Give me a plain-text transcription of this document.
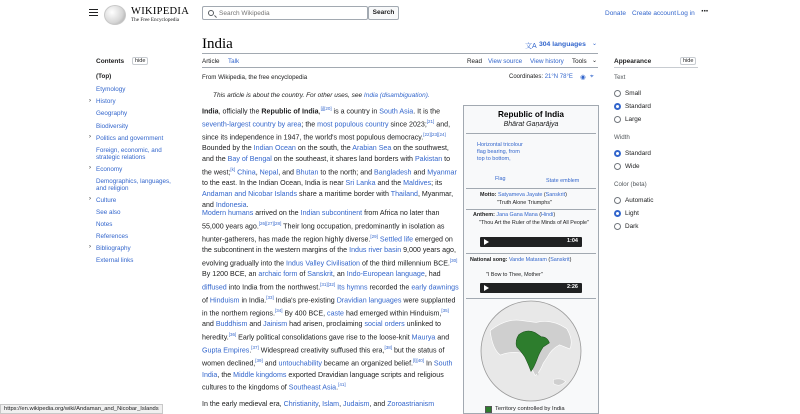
WIKIPEDIA
The Free Encyclopedia
Search Wikipedia
Search	Donate Create account Log in ···
Contents	hide
(Top)
Etymology
› History
Geography
Biodiversity
› Politics and government
Foreign, economic, and
strategic relations
› Economy
Demographics, languages,
and religion
› Culture
See also
Notes
References
› Bibliography
External links
India	文A 304 languages ⌄
Article Talk	Read View source View history Tools ⌄
From Wikipedia, the free encyclopedia	Coordinates: 21°N 78°E ◉ ⌖
This article is about the country. For other uses, see India (disambiguation).
India, officially the Republic of India,[j][20] is a country in South Asia. It is the seventh-largest country by area; the most populous country since 2023;[21] and, since its independence in 1947, the world's most populous democracy.[22][23][24] Bounded by the Indian Ocean on the south, the Arabian Sea on the southwest, and the Bay of Bengal on the southeast, it shares land borders with Pakistan to the west;[k] China, Nepal, and Bhutan to the north; and Bangladesh and Myanmar to the east. In the Indian Ocean, India is near Sri Lanka and the Maldives; its Andaman and Nicobar Islands share a maritime border with Thailand, Myanmar, and Indonesia.
Modern humans arrived on the Indian subcontinent from Africa no later than 55,000 years ago.[26][27][28] Their long occupation, predominantly in isolation as hunter-gatherers, has made the region highly diverse.[29] Settled life emerged on the subcontinent in the western margins of the Indus river basin 9,000 years ago, evolving gradually into the Indus Valley Civilisation of the third millennium BCE.[30] By 1200 BCE, an archaic form of Sanskrit, an Indo-European language, had diffused into India from the northwest.[31][32] Its hymns recorded the early dawnings of Hinduism in India.[33] India's pre-existing Dravidian languages were supplanted in the northern regions.[34] By 400 BCE, caste had emerged within Hinduism,[35] and Buddhism and Jainism had arisen, proclaiming social orders unlinked to heredity.[36] Early political consolidations gave rise to the loose-knit Maurya and Gupta Empires.[37] Widespread creativity suffused this era,[38] but the status of women declined,[39] and untouchability became an organized belief.[l][40] In South India, the Middle kingdoms exported Dravidian language scripts and religious cultures to the kingdoms of Southeast Asia.[41]
In the early medieval era, Christianity, Islam, Judaism, and Zoroastrianism
Republic of India
Bhārat Gaṇarājya
Horizontal tricolour flag bearing, from top to bottom,
Flag	State emblem
Motto: Satyameva Jayate (Sanskrit)
"Truth Alone Triumphs"
Anthem: Jana Gana Mana (Hindi)
"Thou Art the Ruler of the Minds of All People"
1:04
National song: Vande Mataram (Sanskrit)
"I Bow to Thee, Mother"
2:26
Territory controlled by India
Appearance	hide
Text
Small
Standard
Large
Width
Standard
Wide
Color (beta)
Automatic
Light
Dark
https://en.wikipedia.org/wiki/Andaman_and_Nicobar_Islands
